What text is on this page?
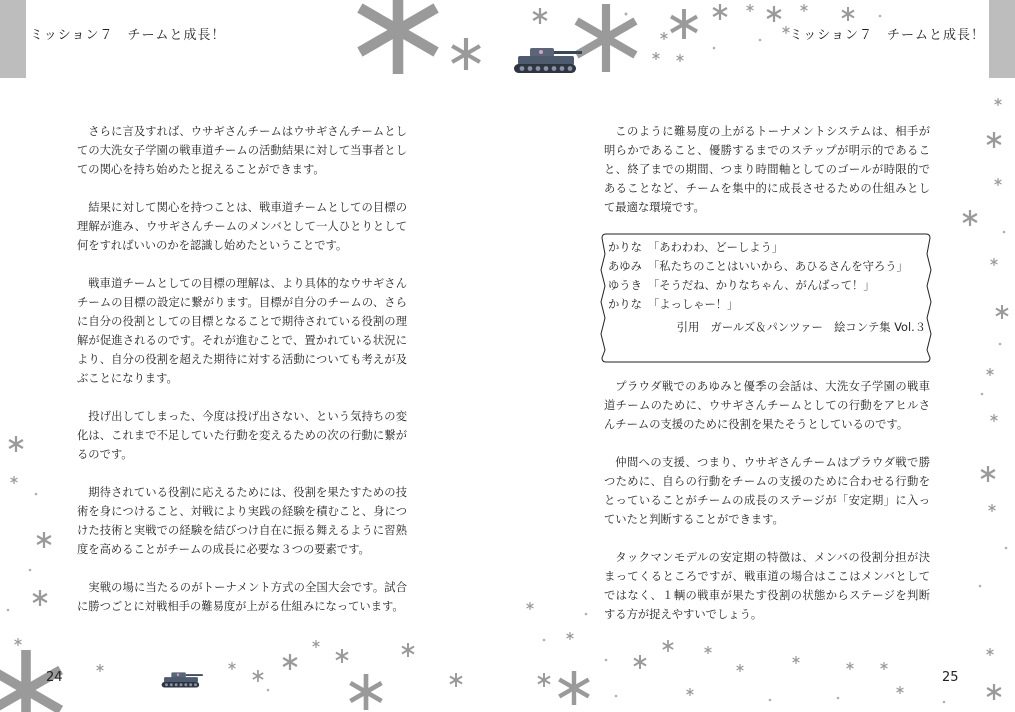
ミッション７　チームと成長！	ミッション７　チームと成長！

さらに言及すれば、ウサギさんチームはウサギさんチームとしての大洗女子学園の戦車道チームの活動結果に対して当事者としての関心を持ち始めたと捉えることができます。

結果に対して関心を持つことは、戦車道チームとしての目標の理解が進み、ウサギさんチームのメンバとして一人ひとりとして何をすればいいのかを認識し始めたということです。

戦車道チームとしての目標の理解は、より具体的なウサギさんチームの目標の設定に繋がります。目標が自分のチームの、さらに自分の役割としての目標となることで期待されている役割の理解が促進されるのです。それが進むことで、置かれている状況により、自分の役割を超えた期待に対する活動についても考えが及ぶことになります。

投げ出してしまった、今度は投げ出さない、という気持ちの変化は、これまで不足していた行動を変えるための次の行動に繋がるのです。

期待されている役割に応えるためには、役割を果たすための技術を身につけること、対戦により実践の経験を積むこと、身につけた技術と実戦での経験を結びつけ自在に振る舞えるように習熟度を高めることがチームの成長に必要な３つの要素です。

実戦の場に当たるのがトーナメント方式の全国大会です。試合に勝つごとに対戦相手の難易度が上がる仕組みになっています。

このように難易度の上がるトーナメントシステムは、相手が明らかであること、優勝するまでのステップが明示的であること、終了までの期間、つまり時間軸としてのゴールが時限的であることなど、チームを集中的に成長させるための仕組みとして最適な環境です。

かりな 「あわわわ、どーしよう」
あゆみ 「私たちのことはいいから、あひるさんを守ろう」
ゆうき 「そうだね、かりなちゃん、がんばって！」
かりな 「よっしゃー！」
引用　ガールズ＆パンツァー　絵コンテ集 Vol.３

プラウダ戦でのあゆみと優季の会話は、大洗女子学園の戦車道チームのために、ウサギさんチームとしての行動をアヒルさんチームの支援のために役割を果たそうとしているのです。

仲間への支援、つまり、ウサギさんチームはプラウダ戦で勝つために、自らの行動をチームの支援のために合わせる行動をとっていることがチームの成長のステージが「安定期」に入っていたと判断することができます。

タックマンモデルの安定期の特徴は、メンバの役割分担が決まってくるところですが、戦車道の場合はここはメンバとしてではなく、１輌の戦車が果たす役割の状態からステージを判断する方が捉えやすいでしょう。

24	25
